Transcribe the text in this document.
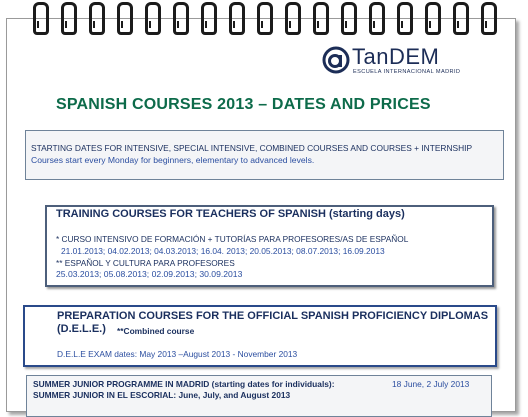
TanDEM
ESCUELA INTERNACIONAL MADRID
SPANISH COURSES 2013 – DATES AND PRICES
STARTING DATES FOR INTENSIVE, SPECIAL INTENSIVE, COMBINED COURSES AND COURSES + INTERNSHIP
Courses start every Monday for beginners, elementary to advanced levels.
TRAINING COURSES FOR TEACHERS OF SPANISH (starting days)
* CURSO INTENSIVO DE FORMACIÓN + TUTORÍAS PARA PROFESORES/AS DE ESPAÑOL
21.01.2013; 04.02.2013; 04.03.2013; 16.04. 2013; 20.05.2013; 08.07.2013; 16.09.2013
** ESPAÑOL Y CULTURA PARA PROFESORES
25.03.2013; 05.08.2013; 02.09.2013; 30.09.2013
PREPARATION COURSES FOR THE OFFICIAL SPANISH PROFICIENCY DIPLOMAS
(D.E.L.E.) **Combined course
D.E.L.E EXAM dates: May 2013 –August 2013 - November 2013
SUMMER JUNIOR PROGRAMME IN MADRID (starting dates for individuals):	18 June, 2 July 2013
SUMMER JUNIOR IN EL ESCORIAL: June, July, and August 2013
